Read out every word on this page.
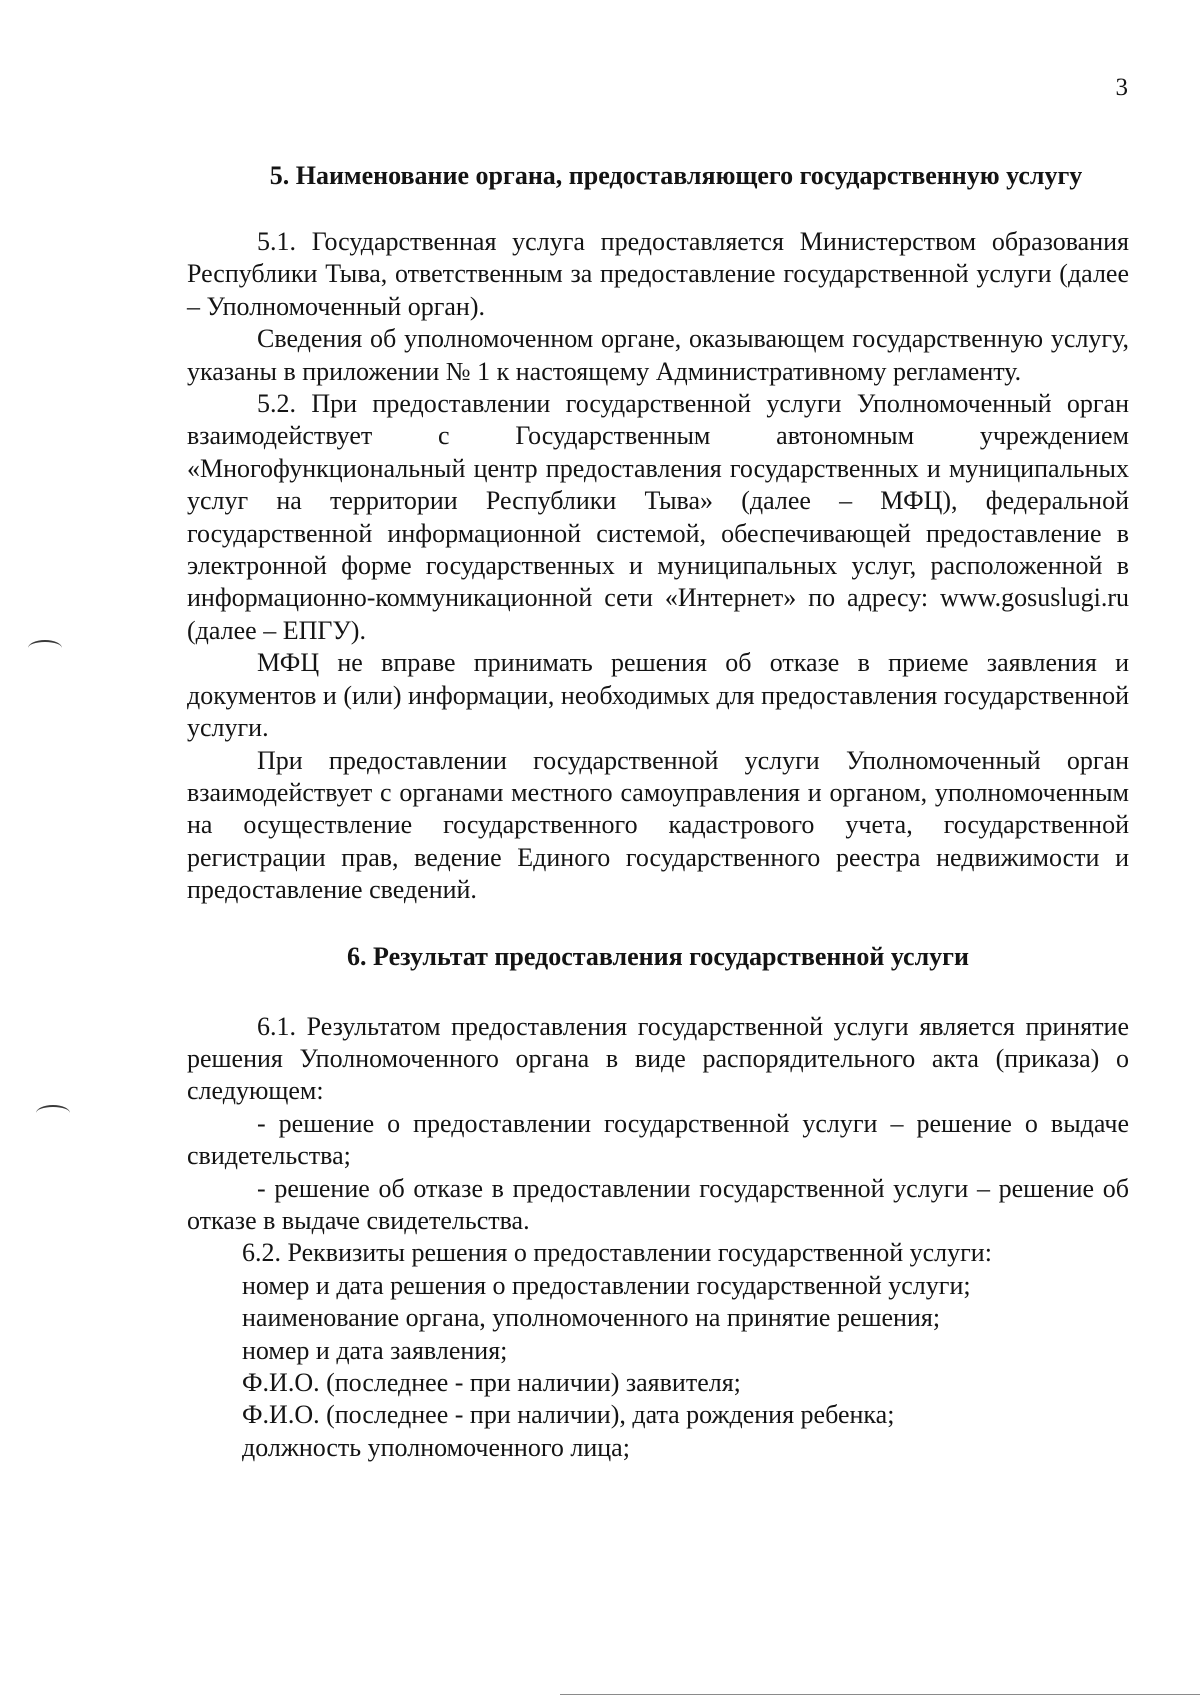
3
5. Наименование органа, предоставляющего государственную услугу

5.1. Государственная услуга предоставляется Министерством образования Республики Тыва, ответственным за предоставление государственной услуги (далее – Уполномоченный орган).

Сведения об уполномоченном органе, оказывающем государственную услугу, указаны в приложении № 1 к настоящему Административному регламенту.

5.2. При предоставлении государственной услуги Уполномоченный орган взаимодействует с Государственным автономным учреждением «Многофункциональный центр предоставления государственных и муниципальных услуг на территории Республики Тыва» (далее – МФЦ), федеральной государственной информационной системой, обеспечивающей предоставление в электронной форме государственных и муниципальных услуг, расположенной в информационно-коммуникационной сети «Интернет» по адресу: www.gosuslugi.ru (далее – ЕПГУ).

МФЦ не вправе принимать решения об отказе в приеме заявления и документов и (или) информации, необходимых для предоставления государственной услуги.

При предоставлении государственной услуги Уполномоченный орган взаимодействует с органами местного самоуправления и органом, уполномоченным на осуществление государственного кадастрового учета, государственной регистрации прав, ведение Единого государственного реестра недвижимости и предоставление сведений.

6. Результат предоставления государственной услуги

6.1. Результатом предоставления государственной услуги является принятие решения Уполномоченного органа в виде распорядительного акта (приказа) о следующем:

- решение о предоставлении государственной услуги – решение о выдаче свидетельства;

- решение об отказе в предоставлении государственной услуги – решение об отказе в выдаче свидетельства.

6.2. Реквизиты решения о предоставлении государственной услуги:

номер и дата решения о предоставлении государственной услуги;

наименование органа, уполномоченного на принятие решения;

номер и дата заявления;

Ф.И.О. (последнее - при наличии) заявителя;

Ф.И.О. (последнее - при наличии), дата рождения ребенка;

должность уполномоченного лица;
